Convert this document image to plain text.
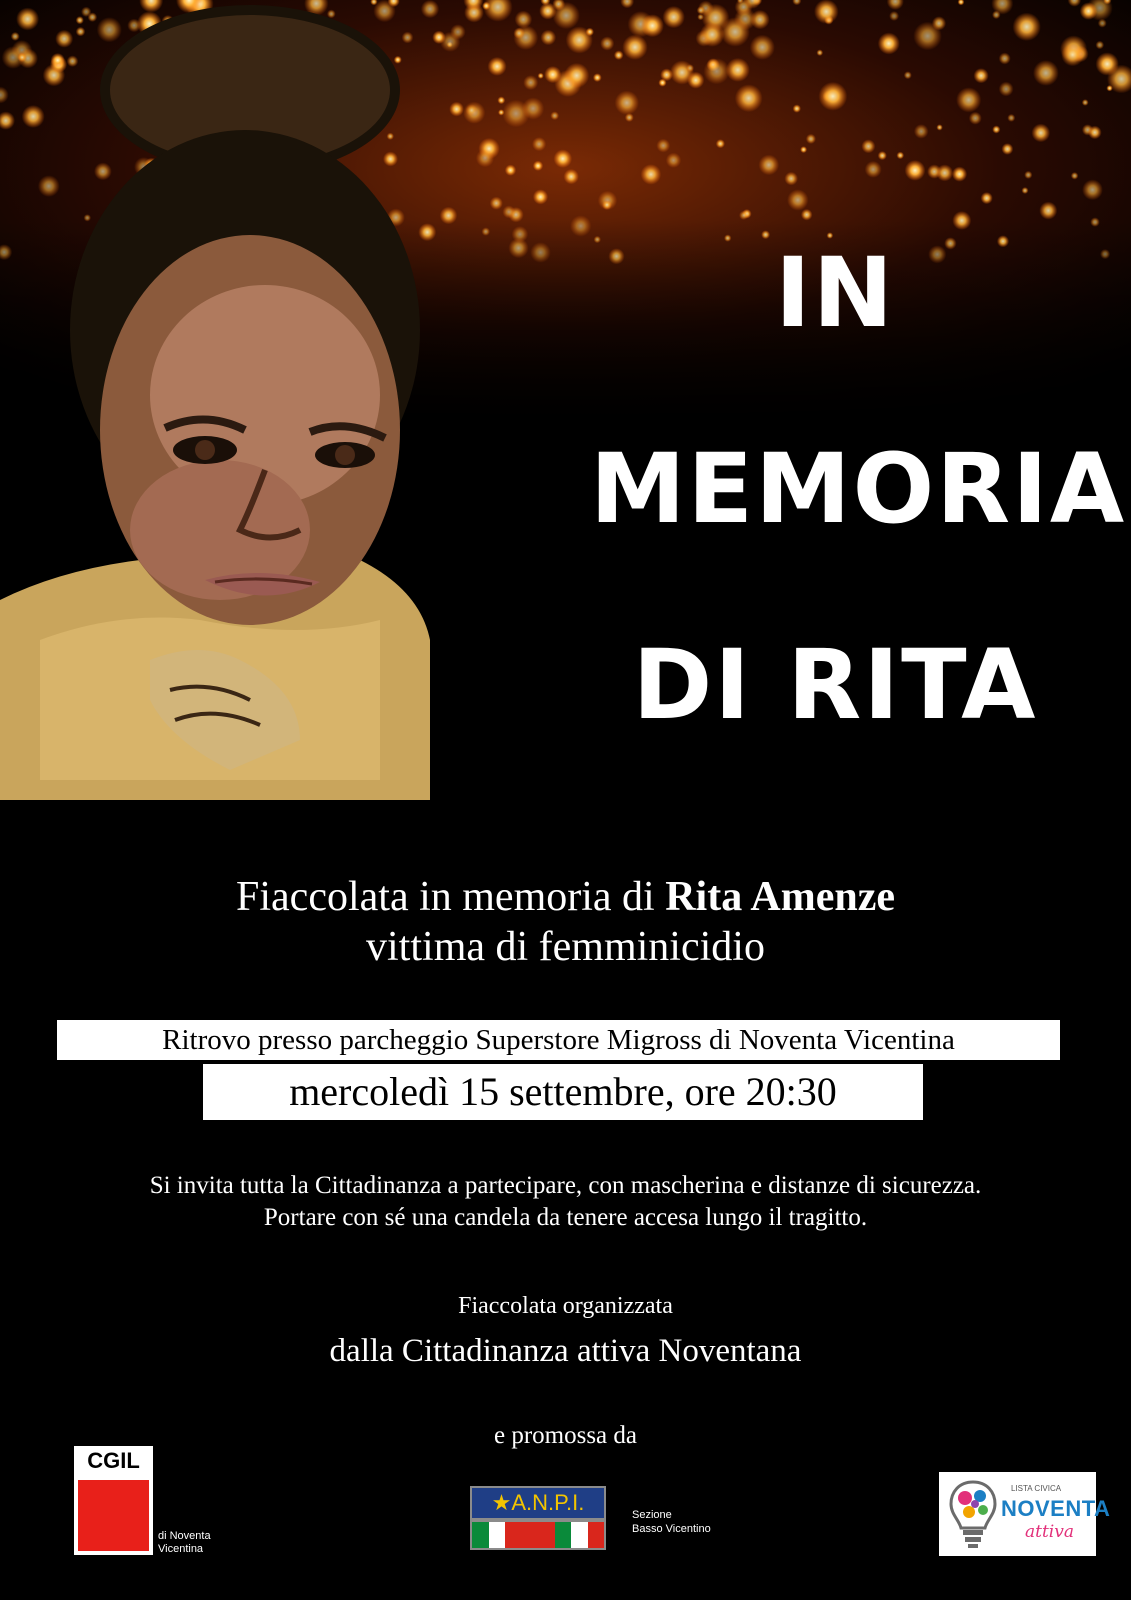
IN
MEMORIA
DI RITA
Fiaccolata in memoria di Rita Amenze
vittima di femminicidio
Ritrovo presso parcheggio Superstore Migross di Noventa Vicentina
mercoledì 15 settembre, ore 20:30
Si invita tutta la Cittadinanza a partecipare, con mascherina e distanze di sicurezza.
Portare con sé una candela da tenere accesa lungo il tragitto.
Fiaccolata organizzata
dalla Cittadinanza attiva Noventana
e promossa da
CGIL
di Noventa
Vicentina
★A.N.P.I.	Sezione
Basso Vicentino
LISTA CIVICA
NOVENTA
attiva
